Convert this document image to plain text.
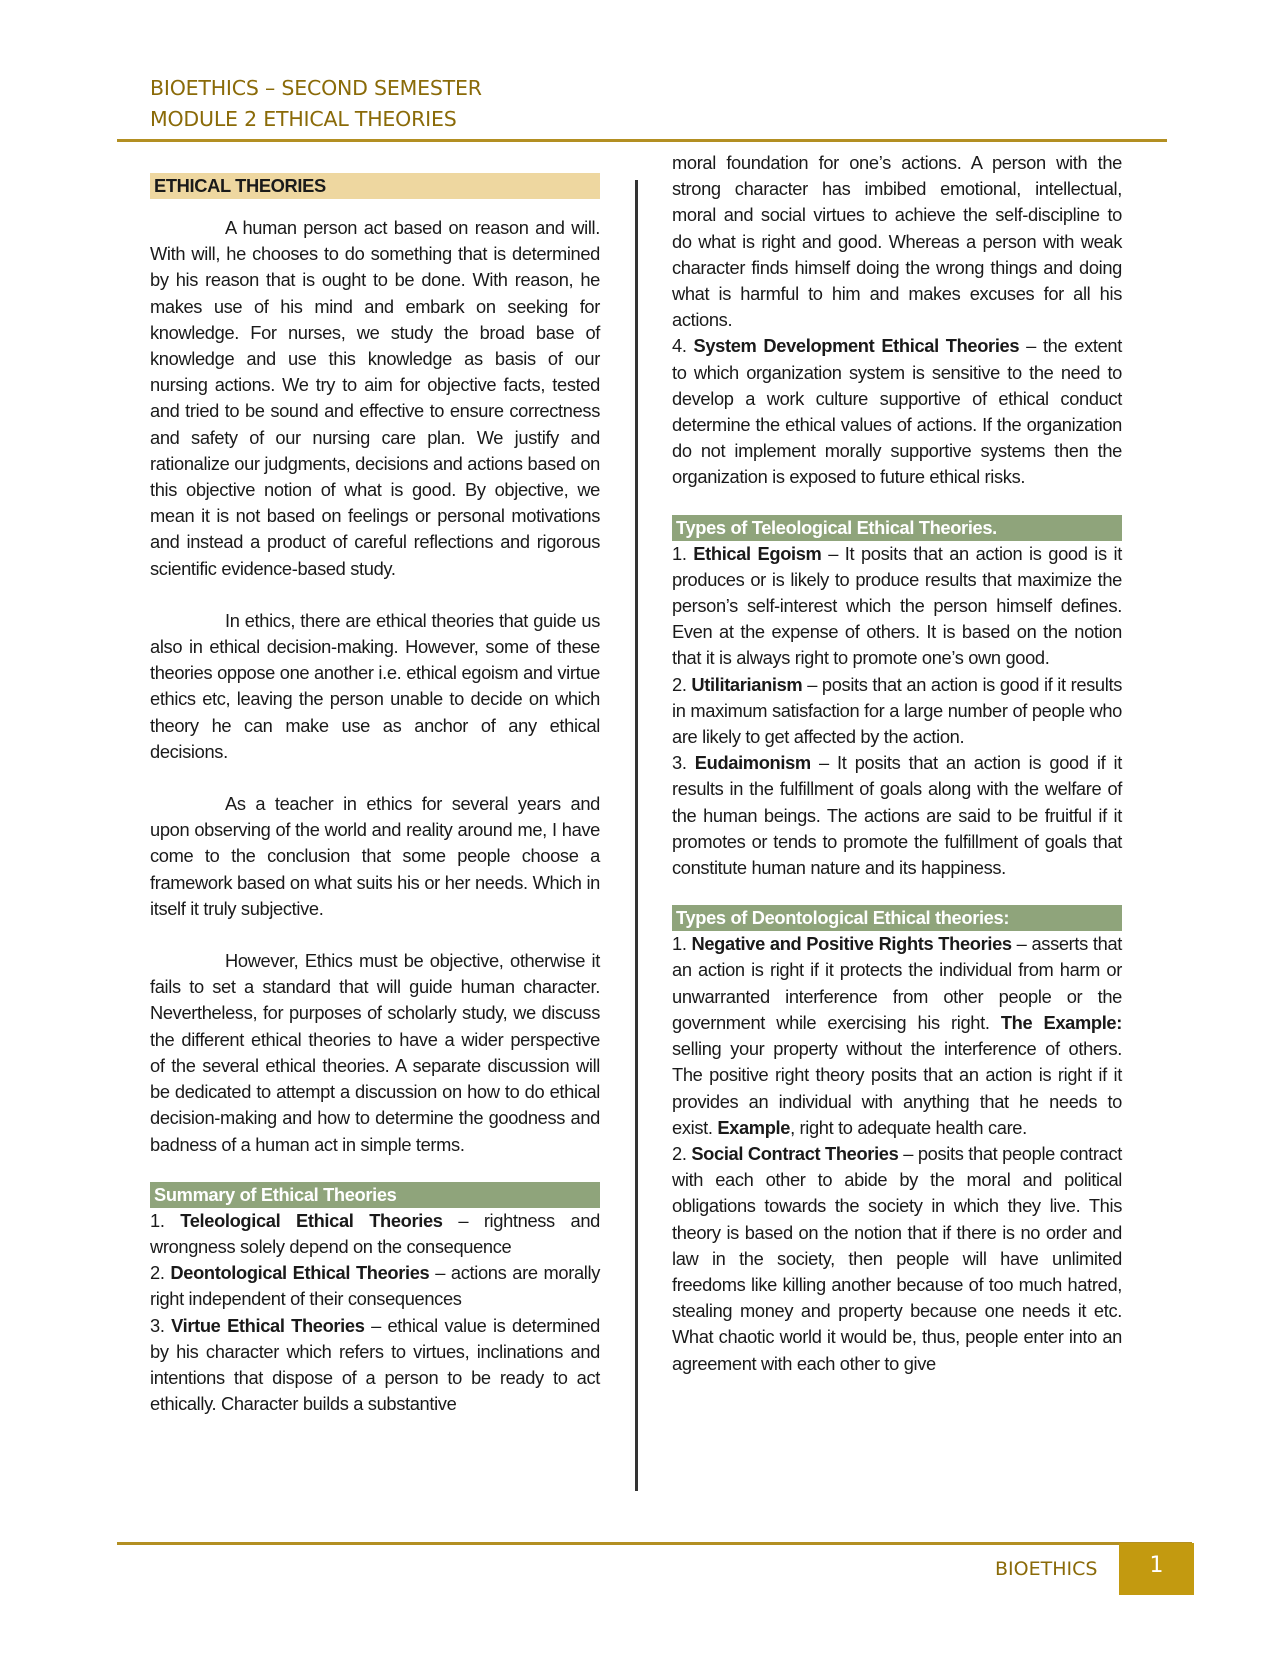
BIOETHICS – SECOND SEMESTER
MODULE 2 ETHICAL THEORIES
ETHICAL THEORIES

A human person act based on reason and will. With will, he chooses to do something that is determined by his reason that is ought to be done. With reason, he makes use of his mind and embark on seeking for knowledge. For nurses, we study the broad base of knowledge and use this knowledge as basis of our nursing actions. We try to aim for objective facts, tested and tried to be sound and effective to ensure correctness and safety of our nursing care plan. We justify and rationalize our judgments, decisions and actions based on this objective notion of what is good. By objective, we mean it is not based on feelings or personal motivations and instead a product of careful reflections and rigorous scientific evidence-based study.

In ethics, there are ethical theories that guide us also in ethical decision-making. However, some of these theories oppose one another i.e. ethical egoism and virtue ethics etc, leaving the person unable to decide on which theory he can make use as anchor of any ethical decisions.

As a teacher in ethics for several years and upon observing of the world and reality around me, I have come to the conclusion that some people choose a framework based on what suits his or her needs. Which in itself it truly subjective.

However, Ethics must be objective, otherwise it fails to set a standard that will guide human character. Nevertheless, for purposes of scholarly study, we discuss the different ethical theories to have a wider perspective of the several ethical theories. A separate discussion will be dedicated to attempt a discussion on how to do ethical decision-making and how to determine the goodness and badness of a human act in simple terms.

Summary of Ethical Theories

1. Teleological Ethical Theories – rightness and wrongness solely depend on the consequence

2. Deontological Ethical Theories – actions are morally right independent of their consequences

3. Virtue Ethical Theories – ethical value is determined by his character which refers to virtues, inclinations and intentions that dispose of a person to be ready to act ethically. Character builds a substantive

moral foundation for one’s actions. A person with the strong character has imbibed emotional, intellectual, moral and social virtues to achieve the self-discipline to do what is right and good. Whereas a person with weak character finds himself doing the wrong things and doing what is harmful to him and makes excuses for all his actions.

4. System Development Ethical Theories – the extent to which organization system is sensitive to the need to develop a work culture supportive of ethical conduct determine the ethical values of actions. If the organization do not implement morally supportive systems then the organization is exposed to future ethical risks.

Types of Teleological Ethical Theories.

1. Ethical Egoism – It posits that an action is good is it produces or is likely to produce results that maximize the person’s self-interest which the person himself defines. Even at the expense of others. It is based on the notion that it is always right to promote one’s own good.

2. Utilitarianism – posits that an action is good if it results in maximum satisfaction for a large number of people who are likely to get affected by the action.

3. Eudaimonism – It posits that an action is good if it results in the fulfillment of goals along with the welfare of the human beings. The actions are said to be fruitful if it promotes or tends to promote the fulfillment of goals that constitute human nature and its happiness.

Types of Deontological Ethical theories:

1. Negative and Positive Rights Theories – asserts that an action is right if it protects the individual from harm or unwarranted interference from other people or the government while exercising his right. The Example: selling your property without the interference of others. The positive right theory posits that an action is right if it provides an individual with anything that he needs to exist. Example, right to adequate health care.

2. Social Contract Theories – posits that people contract with each other to abide by the moral and political obligations towards the society in which they live. This theory is based on the notion that if there is no order and law in the society, then people will have unlimited freedoms like killing another because of too much hatred, stealing money and property because one needs it etc. What chaotic world it would be, thus, people enter into an agreement with each other to give

BIOETHICS	1
